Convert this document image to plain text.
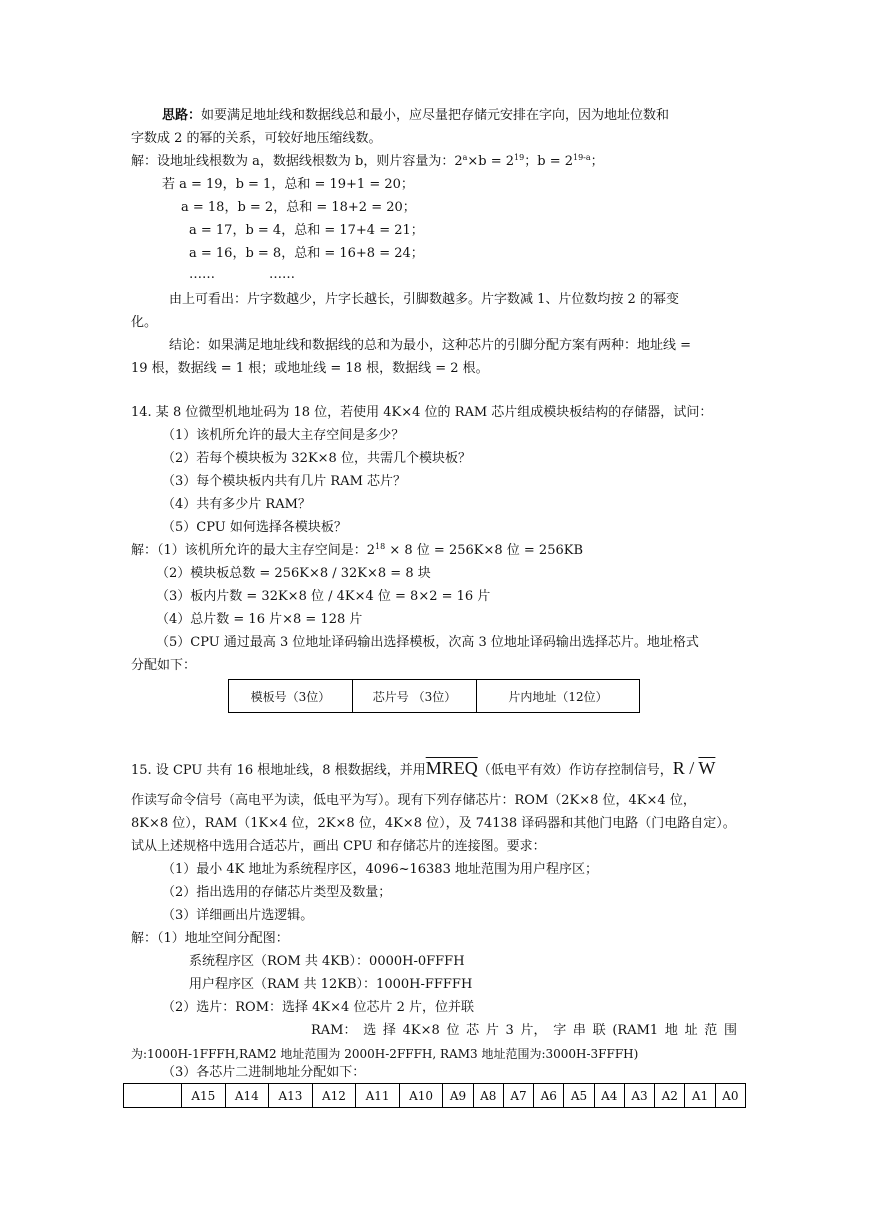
思路：如要满足地址线和数据线总和最小，应尽量把存储元安排在字向，因为地址位数和
字数成 2 的幂的关系，可较好地压缩线数。
解：设地址线根数为 a，数据线根数为 b，则片容量为：$2^a\times b = 2^{19}$；$b = 2^{19-a}$；
若 a = 19，b = 1，总和 = 19+1 = 20；
a = 18，b = 2，总和 = 18+2 = 20；
a = 17，b = 4，总和 = 17+4 = 21；
a = 16，b = 8，总和 = 16+8 = 24；
……	……
由上可看出：片字数越少，片字长越长，引脚数越多。片字数减 1、片位数均按 2 的幂变
化。
结论：如果满足地址线和数据线的总和为最小，这种芯片的引脚分配方案有两种：地址线 =
19 根，数据线 = 1 根；或地址线 = 18 根，数据线 = 2 根。
14. 某 8 位微型机地址码为 18 位，若使用 4K×4 位的 RAM 芯片组成模块板结构的存储器，试问：
（1）该机所允许的最大主存空间是多少？
（2）若每个模块板为 32K×8 位，共需几个模块板？
（3）每个模块板内共有几片 RAM 芯片？
（4）共有多少片 RAM？
（5）CPU 如何选择各模块板？
解：（1）该机所允许的最大主存空间是：$2^{18} \times 8$ 位 = 256K×8 位 = 256KB
（2）模块板总数 = 256K×8 / 32K×8 = 8 块
（3）板内片数 = 32K×8 位 / 4K×4 位 = 8×2 = 16 片
（4）总片数 = 16 片×8 = 128 片
（5）CPU 通过最高 3 位地址译码输出选择模板，次高 3 位地址译码输出选择芯片。地址格式
分配如下：
模板号（3位）	芯片号 （3位）	片内地址（12位）
15. 设 CPU 共有 16 根地址线，8 根数据线，并用MREQ（低电平有效）作访存控制信号，R / $\overline{W}$
作读写命令信号（高电平为读，低电平为写）。现有下列存储芯片：ROM（2K×8 位，4K×4 位，
8K×8 位），RAM（1K×4 位，2K×8 位，4K×8 位），及 74138 译码器和其他门电路（门电路自定）。
试从上述规格中选用合适芯片，画出 CPU 和存储芯片的连接图。要求：
（1）最小 4K 地址为系统程序区，4096~16383 地址范围为用户程序区；
（2）指出选用的存储芯片类型及数量；
（3）详细画出片选逻辑。
解：（1）地址空间分配图：
系统程序区（ROM 共 4KB）：0000H-0FFFH
用户程序区（RAM 共 12KB）：1000H-FFFFH
（2）选片：ROM：选择 4K×4 位芯片 2 片，位并联
RAM： 选 择 4K×8 位 芯 片 3 片， 字 串 联 (RAM1 地 址 范 围
为:1000H-1FFFH,RAM2 地址范围为 2000H-2FFFH, RAM3 地址范围为:3000H-3FFFH)
（3）各芯片二进制地址分配如下：
	A15	A14	A13	A12	A11	A10	A9	A8	A7	A6	A5	A4	A3	A2	A1	A0
